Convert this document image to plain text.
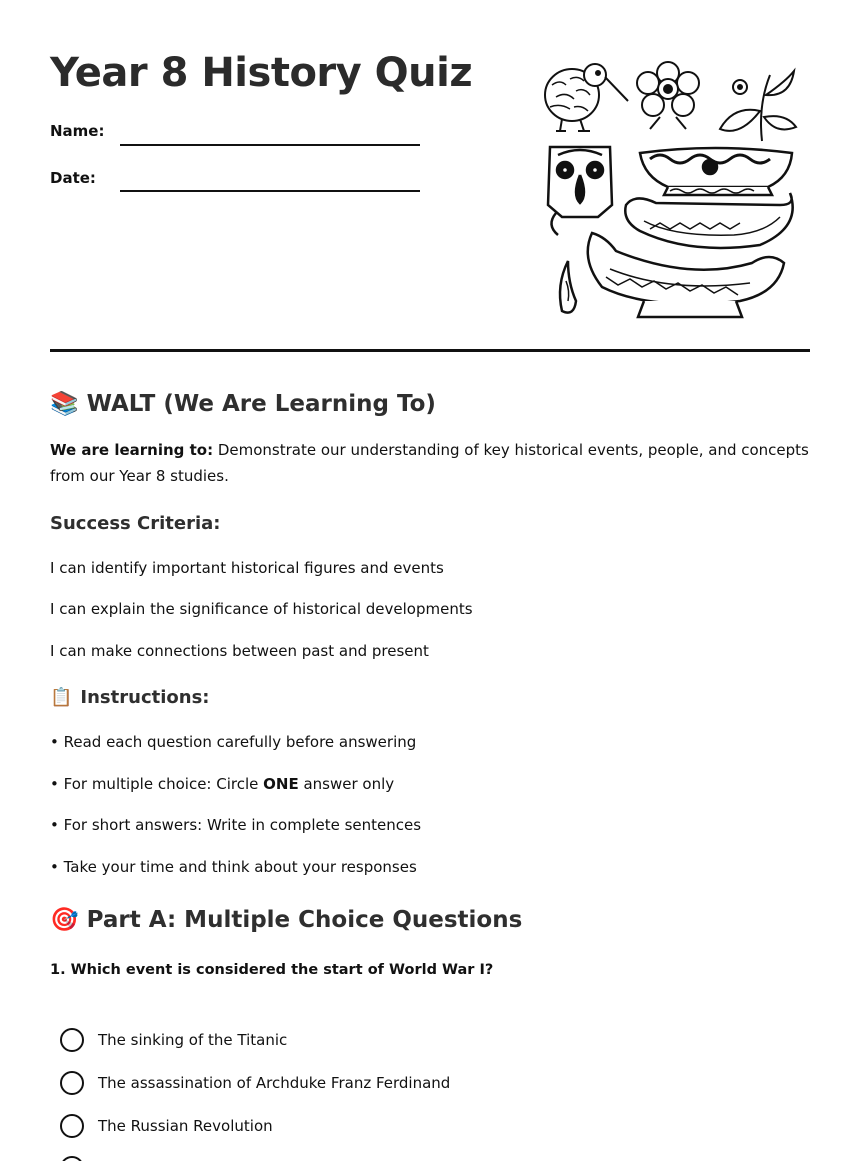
Year 8 History Quiz
Name:
Date:
📚 WALT (We Are Learning To)
We are learning to: Demonstrate our understanding of key historical events, people, and concepts from our Year 8 studies.
Success Criteria:
I can identify important historical figures and events
I can explain the significance of historical developments
I can make connections between past and present
📋 Instructions:
• Read each question carefully before answering
• For multiple choice: Circle ONE answer only
• For short answers: Write in complete sentences
• Take your time and think about your responses
🎯 Part A: Multiple Choice Questions
1. Which event is considered the start of World War I?
The sinking of the Titanic
The assassination of Archduke Franz Ferdinand
The Russian Revolution
